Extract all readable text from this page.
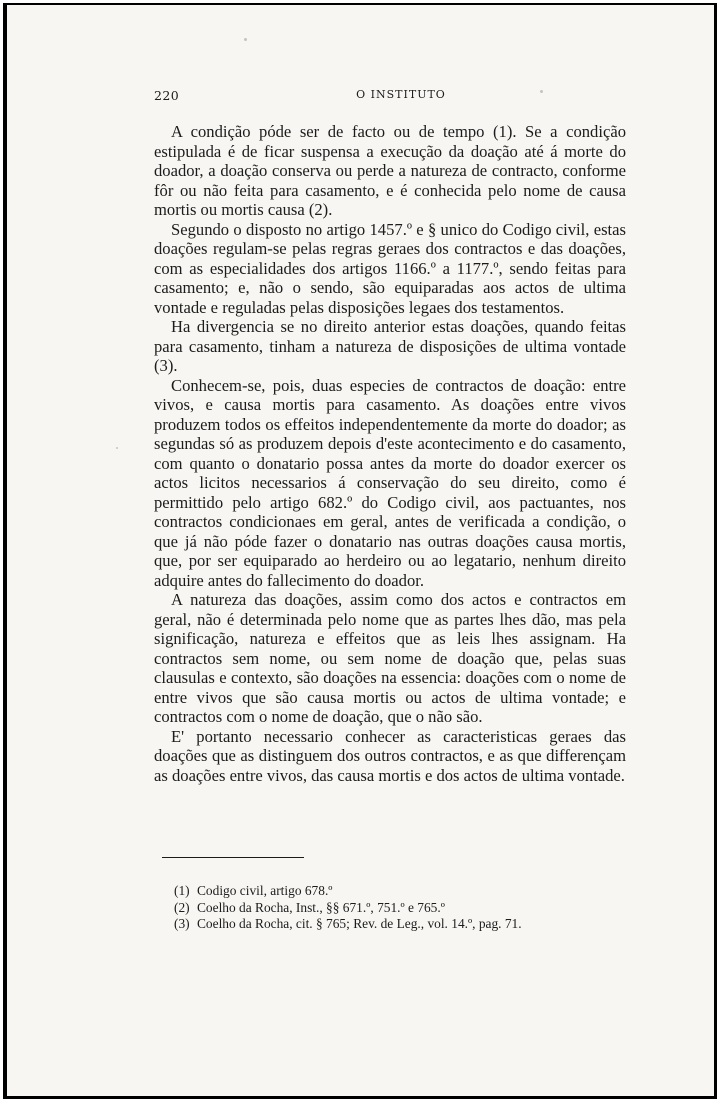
220	O INSTITUTO

A condição póde ser de facto ou de tempo (1). Se a condição estipulada é de ficar suspensa a execução da doação até á morte do doador, a doação conserva ou perde a natureza de contracto, conforme fôr ou não feita para casamento, e é conhecida pelo nome de causa mortis ou mortis causa (2).

Segundo o disposto no artigo 1457.º e § unico do Codigo civil, estas doações regulam-se pelas regras geraes dos contractos e das doações, com as especialidades dos artigos 1166.º a 1177.º, sendo feitas para casamento; e, não o sendo, são equiparadas aos actos de ultima vontade e reguladas pelas disposições legaes dos testamentos.

Ha divergencia se no direito anterior estas doações, quando feitas para casamento, tinham a natureza de disposições de ultima vontade (3).

Conhecem-se, pois, duas especies de contractos de doação: entre vivos, e causa mortis para casamento. As doações entre vivos produzem todos os effeitos independentemente da morte do doador; as segundas só as produzem depois d'este acontecimento e do casamento, com quanto o donatario possa antes da morte do doador exercer os actos licitos necessarios á conservação do seu direito, como é permittido pelo artigo 682.º do Codigo civil, aos pactuantes, nos contractos condicionaes em geral, antes de verificada a condição, o que já não póde fazer o donatario nas outras doações causa mortis, que, por ser equiparado ao herdeiro ou ao legatario, nenhum direito adquire antes do fallecimento do doador.

A natureza das doações, assim como dos actos e contractos em geral, não é determinada pelo nome que as partes lhes dão, mas pela significação, natureza e effeitos que as leis lhes assignam. Ha contractos sem nome, ou sem nome de doação que, pelas suas clausulas e contexto, são doações na essencia: doações com o nome de entre vivos que são causa mortis ou actos de ultima vontade; e contractos com o nome de doação, que o não são.

E' portanto necessario conhecer as caracteristicas geraes das doações que as distinguem dos outros contractos, e as que differençam as doações entre vivos, das causa mortis e dos actos de ultima vontade.

(1) Codigo civil, artigo 678.º

(2) Coelho da Rocha, Inst., §§ 671.º, 751.º e 765.º

(3) Coelho da Rocha, cit. § 765; Rev. de Leg., vol. 14.º, pag. 71.
